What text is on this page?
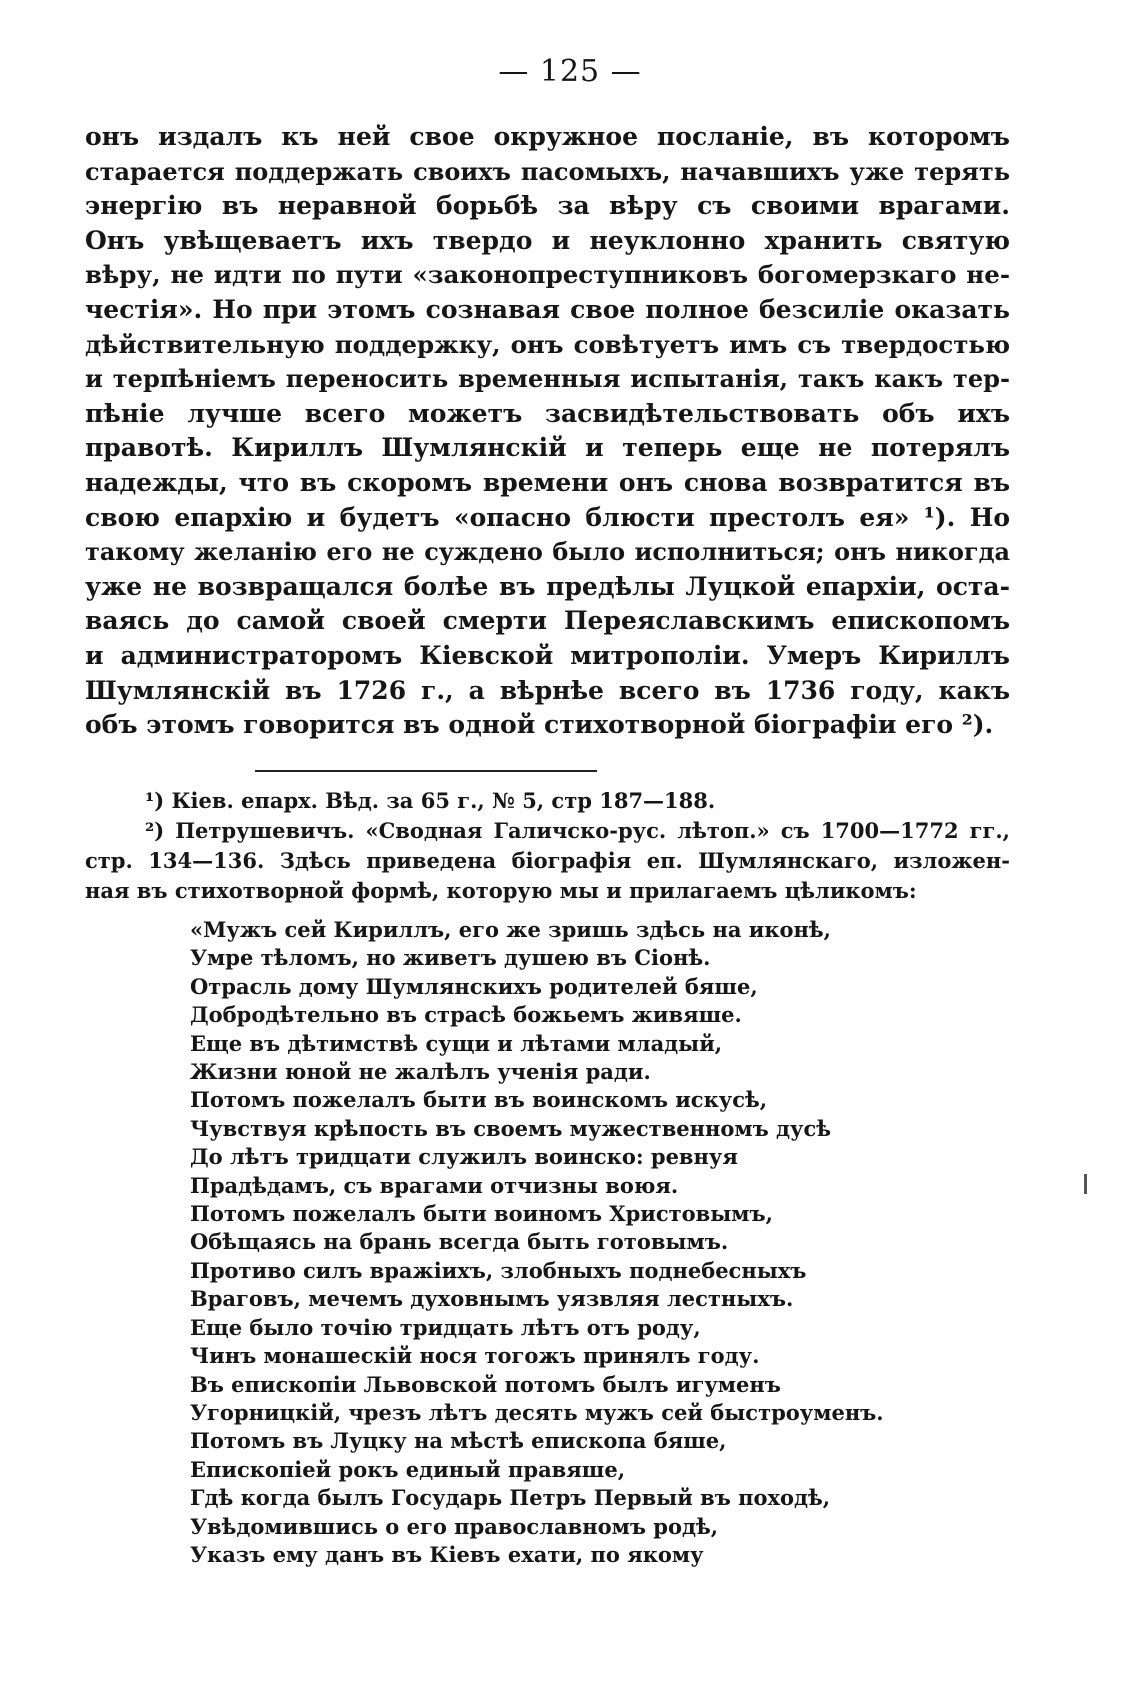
— 125 —
онъ издалъ къ ней свое окружное посланіе, въ которомъ
старается поддержать своихъ пасомыхъ, начавшихъ уже терять
энергію въ неравной борьбѣ за вѣру съ своими врагами.
Онъ увѣщеваетъ ихъ твердо и неуклонно хранить святую
вѣру, не идти по пути «законопреступниковъ богомерзкаго не-
честія». Но при этомъ сознавая свое полное безсиліе оказать
дѣйствительную поддержку, онъ совѣтуетъ имъ съ твердостью
и терпѣніемъ переносить временныя испытанія, такъ какъ тер-
пѣніе лучше всего можетъ засвидѣтельствовать объ ихъ
правотѣ. Кириллъ Шумлянскій и теперь еще не потерялъ
надежды, что въ скоромъ времени онъ снова возвратится въ
свою епархію и будетъ «опасно блюсти престолъ ея» ¹). Но
такому желанію его не суждено было исполниться; онъ никогда
уже не возвращался болѣе въ предѣлы Луцкой епархіи, оста-
ваясь до самой своей смерти Переяславскимъ епископомъ
и администраторомъ Кіевской митрополіи. Умеръ Кириллъ
Шумлянскій въ 1726 г., а вѣрнѣе всего въ 1736 году, какъ
объ этомъ говорится въ одной стихотворной біографіи его ²).

¹) Кіев. епарх. Вѣд. за 65 г., № 5, стр 187—188.

²) Петрушевичъ. «Сводная Галичско-рус. лѣтоп.» съ 1700—1772 гг.,
стр. 134—136. Здѣсь приведена біографія еп. Шумлянскаго, изложен-
ная въ стихотворной формѣ, которую мы и прилагаемъ цѣликомъ:

«Мужъ сей Кириллъ, его же зришь здѣсь на иконѣ,
Умре тѣломъ, но живетъ душею въ Сіонѣ.
Отрасль дому Шумлянскихъ родителей бяше,
Добродѣтельно въ страсѣ божьемъ живяше.
Еще въ дѣтимствѣ сущи и лѣтами младый,
Жизни юной не жалѣлъ ученія ради.
Потомъ пожелалъ быти въ воинскомъ искусѣ,
Чувствуя крѣпость въ своемъ мужественномъ дусѣ
До лѣтъ тридцати служилъ воинско: ревнуя
Прадѣдамъ, съ врагами отчизны воюя.
Потомъ пожелалъ быти воиномъ Христовымъ,
Обѣщаясь на брань всегда быть готовымъ.
Противо силъ вражіихъ, злобныхъ поднебесныхъ
Враговъ, мечемъ духовнымъ уязвляя лестныхъ.
Еще было точію тридцать лѣтъ отъ роду,
Чинъ монашескій нося тогожъ принялъ году.
Въ епископіи Львовской потомъ былъ игуменъ
Угорницкій, чрезъ лѣтъ десять мужъ сей быстроуменъ.
Потомъ въ Луцку на мѣстѣ епископа бяше,
Епископіей рокъ единый правяше,
Гдѣ когда былъ Государь Петръ Первый въ походѣ,
Увѣдомившись о его православномъ родѣ,
Указъ ему данъ въ Кіевъ ехати, по якому
